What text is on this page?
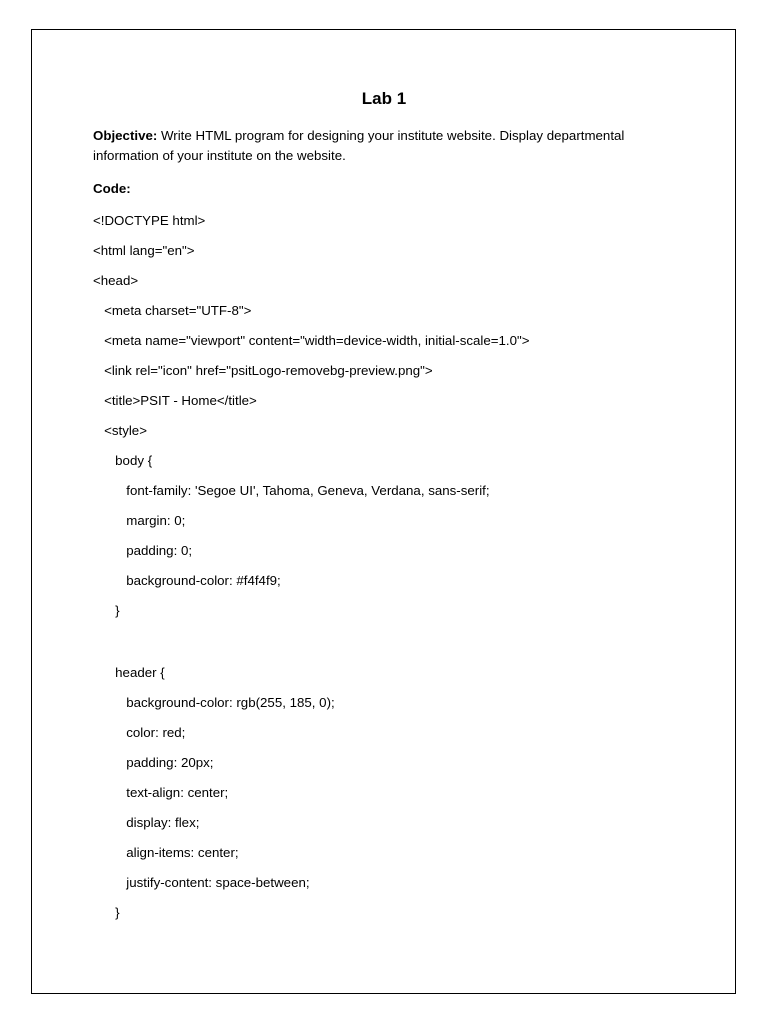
Lab 1
Objective: Write HTML program for designing your institute website. Display departmental information of your institute on the website.
Code:
<!DOCTYPE html>
<html lang="en">
<head>
<meta charset="UTF-8">
<meta name="viewport" content="width=device-width, initial-scale=1.0">
<link rel="icon" href="psitLogo-removebg-preview.png">
<title>PSIT - Home</title>
<style>
body {
font-family: 'Segoe UI', Tahoma, Geneva, Verdana, sans-serif;
margin: 0;
padding: 0;
background-color: #f4f4f9;
}
header {
background-color: rgb(255, 185, 0);
color: red;
padding: 20px;
text-align: center;
display: flex;
align-items: center;
justify-content: space-between;
}
